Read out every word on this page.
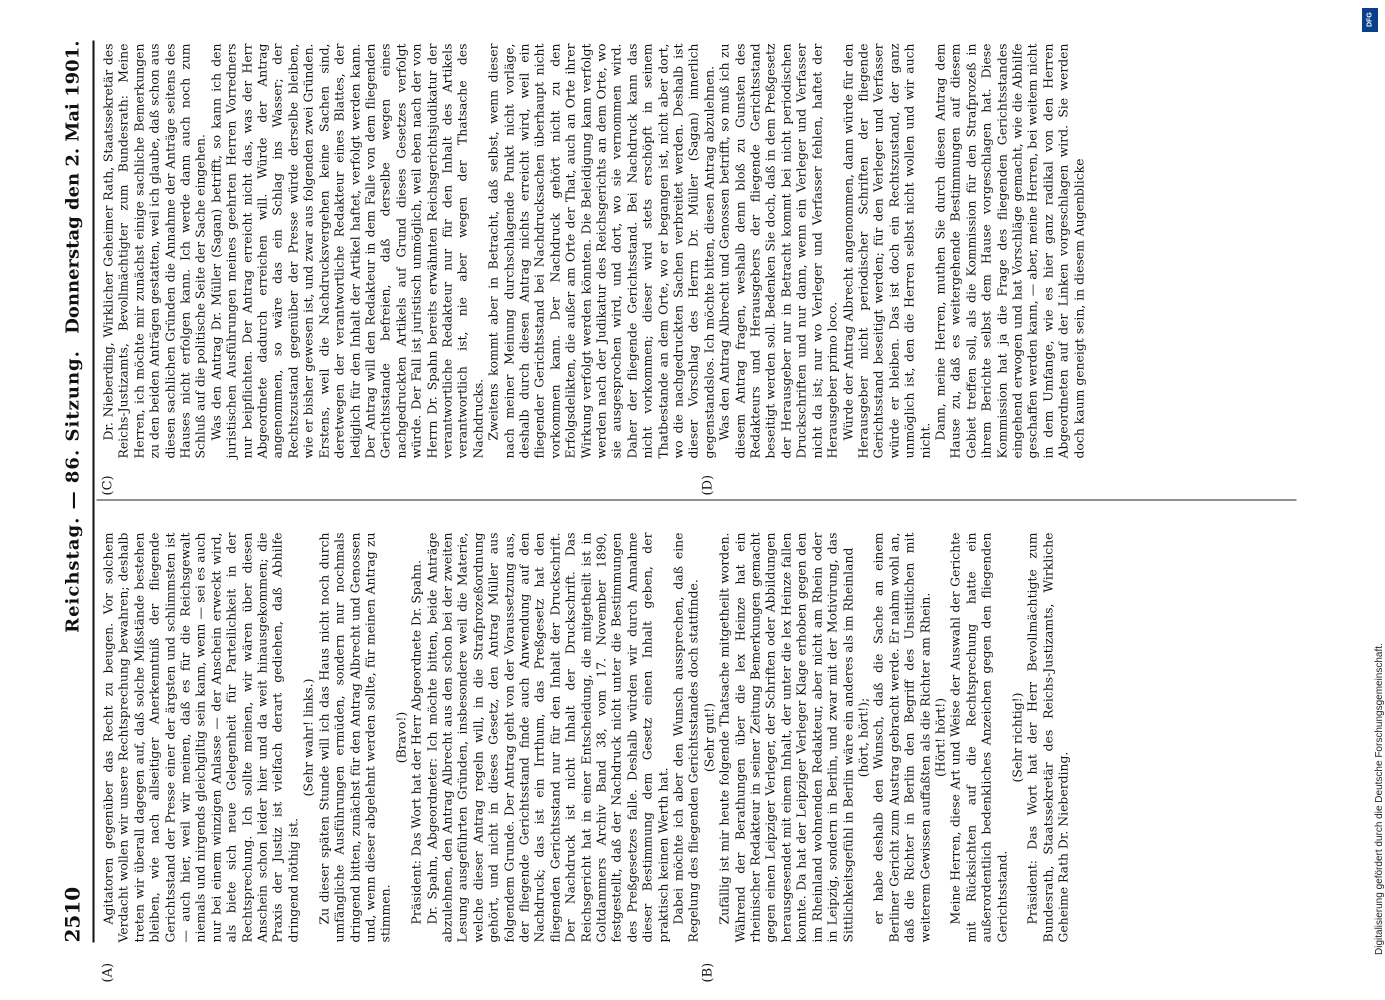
2510
Reichstag. — 86. Sitzung.
Donnerstag den 2. Mai 1901.
(A)	(B)
(C)	(D)

Agitatoren gegenüber das Recht zu beugen. Vor solchem Verdacht wollen wir unsere Rechtsprechung bewahren; deshalb treten wir überall dagegen auf, daß solche Mißstände bestehen bleiben, wie nach allseitiger Anerkenntniß der fliegende Gerichtsstand der Presse einer der ärgsten und schlimmsten ist — auch hier, weil wir meinen, daß es für die Reichsgewalt niemals und nirgends gleichgiltig sein kann, wenn — sei es auch nur bei einem winzigen Anlasse — der Anschein erweckt wird, als biete sich neue Gelegenheit für Parteilichkeit in der Rechtsprechung. Ich sollte meinen, wir wären über diesen Anschein schon leider hier und da weit hinausgekommen; die Praxis der Justiz ist vielfach derart gediehen, daß Abhilfe dringend nöthig ist.

(Sehr wahr! links.) Zu dieser späten Stunde will ich das Haus nicht noch durch umfängliche Ausführungen ermüden, sondern nur nochmals dringend bitten, zunächst für den Antrag Albrecht und Genossen und, wenn dieser abgelehnt werden sollte, für meinen Antrag zu stimmen.

(Bravo!) Präsident: Das Wort hat der Herr Abgeordnete Dr. Spahn. Dr. Spahn, Abgeordneter: Ich möchte bitten, beide Anträge abzulehnen, den Antrag Albrecht aus den schon bei der zweiten Lesung ausgeführten Gründen, insbesondere weil die Materie, welche dieser Antrag regeln will, in die Strafprozeßordnung gehört, und nicht in dieses Gesetz, den Antrag Müller aus folgendem Grunde. Der Antrag geht von der Voraussetzung aus, der fliegende Gerichtsstand finde auch Anwendung auf den Nachdruck; das ist ein Irrthum, das Preßgesetz hat den fliegenden Gerichtsstand nur für den Inhalt der Druckschrift. Der Nachdruck ist nicht Inhalt der Druckschrift. Das Reichsgericht hat in einer Entscheidung, die mitgetheilt ist in Goltdammers Archiv Band 38, vom 17. November 1890, festgestellt, daß der Nachdruck nicht unter die Bestimmungen des Preßgesetzes falle. Deshalb würden wir durch Annahme dieser Bestimmung dem Gesetz einen Inhalt geben, der praktisch keinen Werth hat. Dabei möchte ich aber den Wunsch aussprechen, daß eine Regelung des fliegenden Gerichtsstandes doch stattfinde. (Sehr gut!) Zufällig ist mir heute folgende Thatsache mitgetheilt worden. Während der Berathungen über die lex Heinze hat ein rheinischer Redakteur in seiner Zeitung Bemerkungen gemacht gegen einen Leipziger Verleger, der Schriften oder Abbildungen herausgesendet mit einem Inhalt, der unter die lex Heinze fallen konnte. Da hat der Leipziger Verleger Klage erhoben gegen den im Rheinland wohnenden Redakteur, aber nicht am Rhein oder in Leipzig, sondern in Berlin, und zwar mit der Motivirung, das Sittlichkeitsgefühl in Berlin wäre ein anderes als im Rheinland (hört, hört!); er habe deshalb den Wunsch, daß die Sache an einem Berliner Gericht zum Austrag gebracht werde. Er nahm wohl an, daß die Richter in Berlin den Begriff des Unsittlichen mit weiterem Gewissen auffaßten als die Richter am Rhein. (Hört! hört!) Meine Herren, diese Art und Weise der Auswahl der Gerichte mit Rücksichten auf die Rechtsprechung hatte ein außerordentlich bedenkliches Anzeichen gegen den fliegenden Gerichtsstand.

(Sehr richtig!) Präsident: Das Wort hat der Herr Bevollmächtigte zum Bundesrath, Staatssekretär des Reichs-Justizamts, Wirkliche Geheime Rath Dr. Nieberding.

Dr. Nieberding, Wirklicher Geheimer Rath, Staatssekretär des Reichs-Justizamts, Bevollmächtigter zum Bundesrath: Meine Herren, ich möchte mir zunächst einige sachliche Bemerkungen zu den beiden Anträgen gestatten, weil ich glaube, daß schon aus diesen sachlichen Gründen die Annahme der Anträge seitens des Hauses nicht erfolgen kann. Ich werde dann auch noch zum Schluß auf die politische Seite der Sache eingehen. Was den Antrag Dr. Müller (Sagan) betrifft, so kann ich den juristischen Ausführungen meines geehrten Herren Vorredners nur beipflichten. Der Antrag erreicht nicht das, was der Herr Abgeordnete dadurch erreichen will. Würde der Antrag angenommen, so wäre das ein Schlag ins Wasser; der Rechtszustand gegenüber der Presse würde derselbe bleiben, wie er bisher gewesen ist, und zwar aus folgenden zwei Gründen. Erstens, weil die Nachdrucksvergehen keine Sachen sind, deretwegen der verantwortliche Redakteur eines Blattes, der lediglich für den Inhalt der Artikel haftet, verfolgt werden kann. Der Antrag will den Redakteur in dem Falle von dem fliegenden Gerichtsstande befreien, daß derselbe wegen eines nachgedruckten Artikels auf Grund dieses Gesetzes verfolgt würde. Der Fall ist juristisch unmöglich, weil eben nach der von Herrn Dr. Spahn bereits erwähnten Reichsgerichtsjudikatur der verantwortliche Redakteur nur für den Inhalt des Artikels verantwortlich ist, nie aber wegen der Thatsache des Nachdrucks. Zweitens kommt aber in Betracht, daß selbst, wenn dieser nach meiner Meinung durchschlagende Punkt nicht vorläge, deshalb durch diesen Antrag nichts erreicht wird, weil ein fliegender Gerichtsstand bei Nachdrucksachen überhaupt nicht vorkommen kann. Der Nachdruck gehört nicht zu den Erfolgsdelikten, die außer am Orte der That, auch an Orte ihrer Wirkung verfolgt werden könnten. Die Beleidigung kann verfolgt werden nach der Judikatur des Reichsgerichts an dem Orte, wo sie ausgesprochen wird, und dort, wo sie vernommen wird. Daher der fliegende Gerichtsstand. Bei Nachdruck kann das nicht vorkommen; dieser wird stets erschöpft in seinem Thatbestande an dem Orte, wo er begangen ist, nicht aber dort, wo die nachgedruckten Sachen verbreitet werden. Deshalb ist dieser Vorschlag des Herrn Dr. Müller (Sagan) innerlich gegenstandslos. Ich möchte bitten, diesen Antrag abzulehnen. Was den Antrag Albrecht und Genossen betrifft, so muß ich zu diesem Antrag fragen, weshalb denn bloß zu Gunsten des Redakteurs und Herausgebers der fliegende Gerichtsstand beseitigt werden soll. Bedenken Sie doch, daß in dem Preßgesetz der Herausgeber nur in Betracht kommt bei nicht periodischen Druckschriften und nur dann, wenn ein Verleger und Verfasser nicht da ist; nur wo Verleger und Verfasser fehlen, haftet der Herausgeber primo loco. Würde der Antrag Albrecht angenommen, dann würde für den Herausgeber nicht periodischer Schriften der fliegende Gerichtsstand beseitigt werden; für den Verleger und Verfasser würde er bleiben. Das ist doch ein Rechtszustand, der ganz unmöglich ist, den die Herren selbst nicht wollen und wir auch nicht.

Dann, meine Herren, muthen Sie durch diesen Antrag dem Hause zu, daß es weitergehende Bestimmungen auf diesem Gebiet treffen soll, als die Kommission für den Strafprozeß in ihrem Berichte selbst dem Hause vorgeschlagen hat. Diese Kommission hat ja die Frage des fliegenden Gerichtsstandes eingehend erwogen und hat Vorschläge gemacht, wie die Abhilfe geschaffen werden kann, — aber, meine Herren, bei weitem nicht in dem Umfange, wie es hier ganz radikal von den Herren Abgeordneten auf der Linken vorgeschlagen wird. Sie werden doch kaum geneigt sein, in diesem Augenblicke

DFG
Digitalisierung gefördert durch die Deutsche Forschungsgemeinschaft.
